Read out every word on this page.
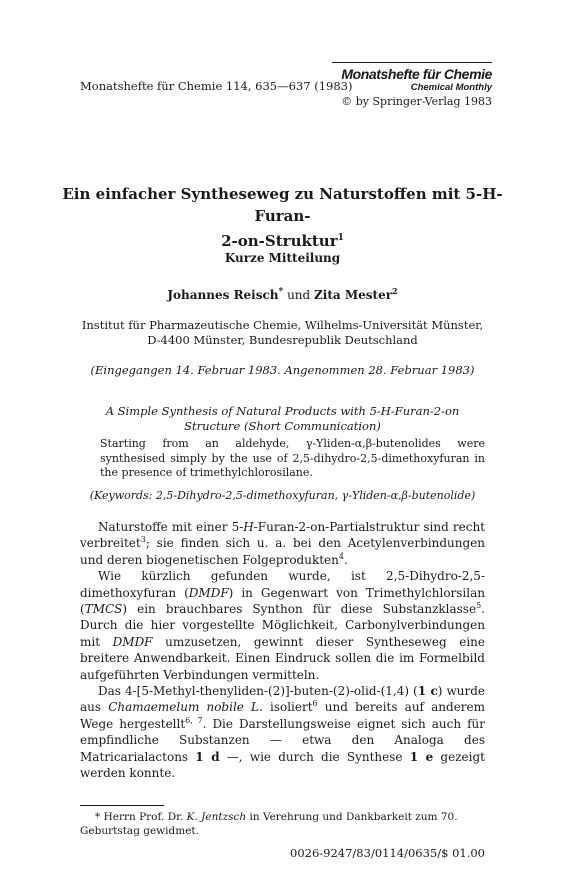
Monatshefte für Chemie 114, 635—637 (1983)
Monatshefte für Chemie
Chemical Monthly
© by Springer-Verlag 1983
Ein einfacher Syntheseweg zu Naturstoffen mit 5-H-Furan-
2-on-Struktur$^1$
Kurze Mitteilung
Johannes Reisch* und Zita Mester$^2$
Institut für Pharmazeutische Chemie, Wilhelms-Universität Münster,
D-4400 Münster, Bundesrepublik Deutschland
(Eingegangen 14. Februar 1983. Angenommen 28. Februar 1983)
A Simple Synthesis of Natural Products with 5-H-Furan-2-on Structure (Short Communication)
Starting from an aldehyde, γ-Yliden-α,β-butenolides were synthesised simply by the use of 2,5-dihydro-2,5-dimethoxyfuran in the presence of trimethylchlorosilane.
(Keywords: 2,5-Dihydro-2,5-dimethoxyfuran, γ-Yliden-α,β-butenolide)

Naturstoffe mit einer 5-H-Furan-2-on-Partialstruktur sind recht verbreitet$^3$; sie finden sich u. a. bei den Acetylenverbindungen und deren biogenetischen Folgeprodukten$^4$.

Wie kürzlich gefunden wurde, ist 2,5-Dihydro-2,5-dimethoxyfuran (DMDF) in Gegenwart von Trimethylchlorsilan (TMCS) ein brauchbares Synthon für diese Substanzklasse$^5$. Durch die hier vorgestellte Möglichkeit, Carbonylverbindungen mit DMDF umzusetzen, gewinnt dieser Syntheseweg eine breitere Anwendbarkeit. Einen Eindruck sollen die im Formelbild aufgeführten Verbindungen vermitteln.

Das 4-[5-Methyl-thenyliden-(2)]-buten-(2)-olid-(1,4) (1 c) wurde aus Chamaemelum nobile L. isoliert$^6$ und bereits auf anderem Wege hergestellt$^{6, 7}$. Die Darstellungsweise eignet sich auch für empfindliche Substanzen — etwa den Analoga des Matricarialactons 1 d —, wie durch die Synthese 1 e gezeigt werden konnte.

* Herrn Prof. Dr. K. Jentzsch in Verehrung und Dankbarkeit zum 70. Geburtstag gewidmet.
0026-9247/83/0114/0635/$ 01.00
